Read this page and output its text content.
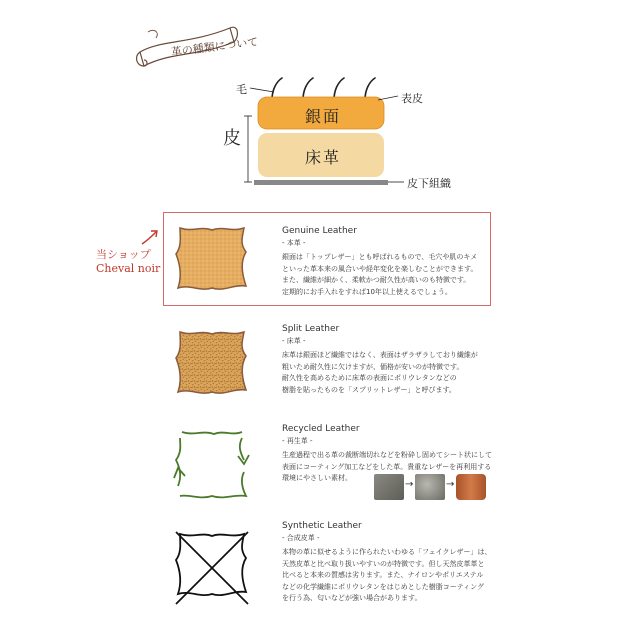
革の種類について
毛
表皮
皮
銀面
床革
皮下組織
当ショップ
Cheval noir
Genuine Leather
- 本革 -
銀面は「トップレザー」とも呼ばれるもので、毛穴や肌のキメ
といった革本来の風合いや経年変化を楽しむことができます。
また、繊維が細かく、柔軟かつ耐久性が高いのも特徴です。
定期的にお手入れをすれば10年以上使えるでしょう。
Split Leather
- 床革 -
床革は銀面ほど繊維ではなく、表面はザラザラしており繊維が
粗いため耐久性に欠けますが、価格が安いのが特徴です。
耐久性を高めるために床革の表面にポリウレタンなどの
樹脂を貼ったものを「スプリットレザー」と呼びます。
Recycled Leather
- 再生革 -
生産過程で出る革の裁断端切れなどを粉砕し固めてシート状にして
表面にコーティング加工などをした革。貴重なレザーを再利用する
環境にやさしい素材。
→	→
Synthetic Leather
- 合成皮革 -
本物の革に似せるように作られたいわゆる「フェイクレザー」は、
天然皮革と比べ取り扱いやすいのが特徴です。但し天然皮革革と
比べると本来の質感は劣ります。また、ナイロンやポリエステル
などの化学繊維にポリウレタンをはじめとした樹脂コーティング
を行う為、匂いなどが強い場合があります。
